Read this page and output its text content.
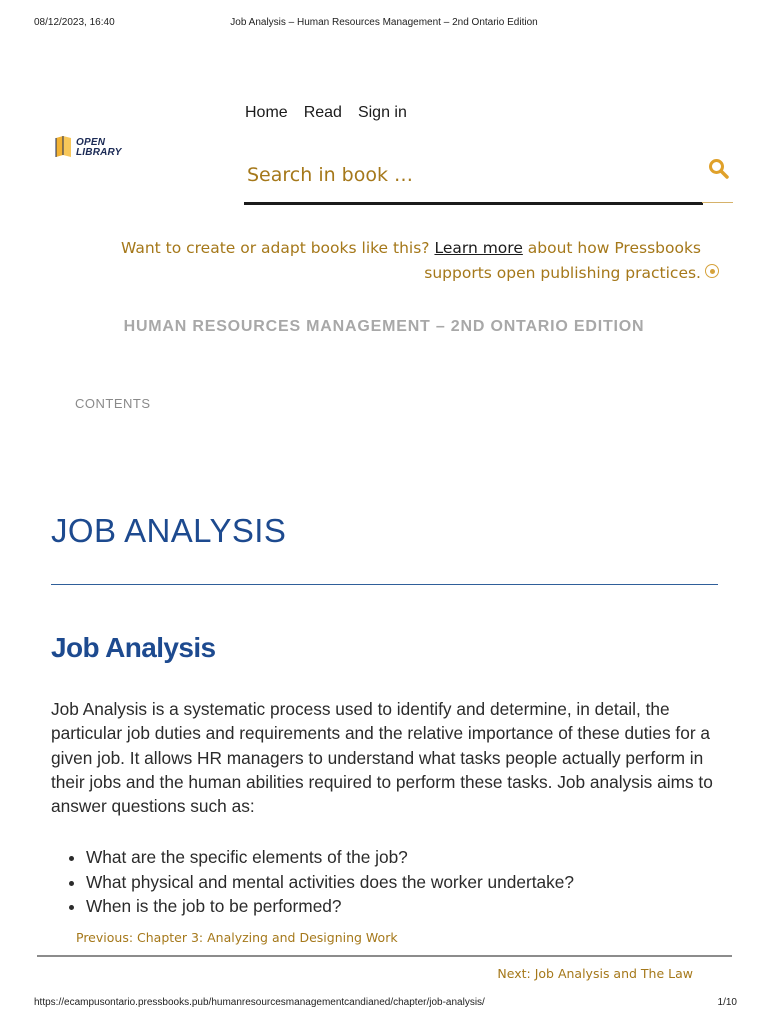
08/12/2023, 16:40	Job Analysis – Human Resources Management – 2nd Ontario Edition
OPEN
LIBRARY
Home Read Sign in
Search in book …
Want to create or adapt books like this? Learn more about how Pressbooks
supports open publishing practices.
HUMAN RESOURCES MANAGEMENT – 2ND ONTARIO EDITION
CONTENTS
JOB ANALYSIS
Job Analysis
Job Analysis is a systematic process used to identify and determine, in detail, the particular job duties and requirements and the relative importance of these duties for a given job. It allows HR managers to understand what tasks people actually perform in their jobs and the human abilities required to perform these tasks. Job analysis aims to answer questions such as:
• What are the specific elements of the job?
• What physical and mental activities does the worker undertake?
• When is the job to be performed?
Previous: Chapter 3: Analyzing and Designing Work
Next: Job Analysis and The Law
https://ecampusontario.pressbooks.pub/humanresourcesmanagementcandianed/chapter/job-analysis/	1/10
